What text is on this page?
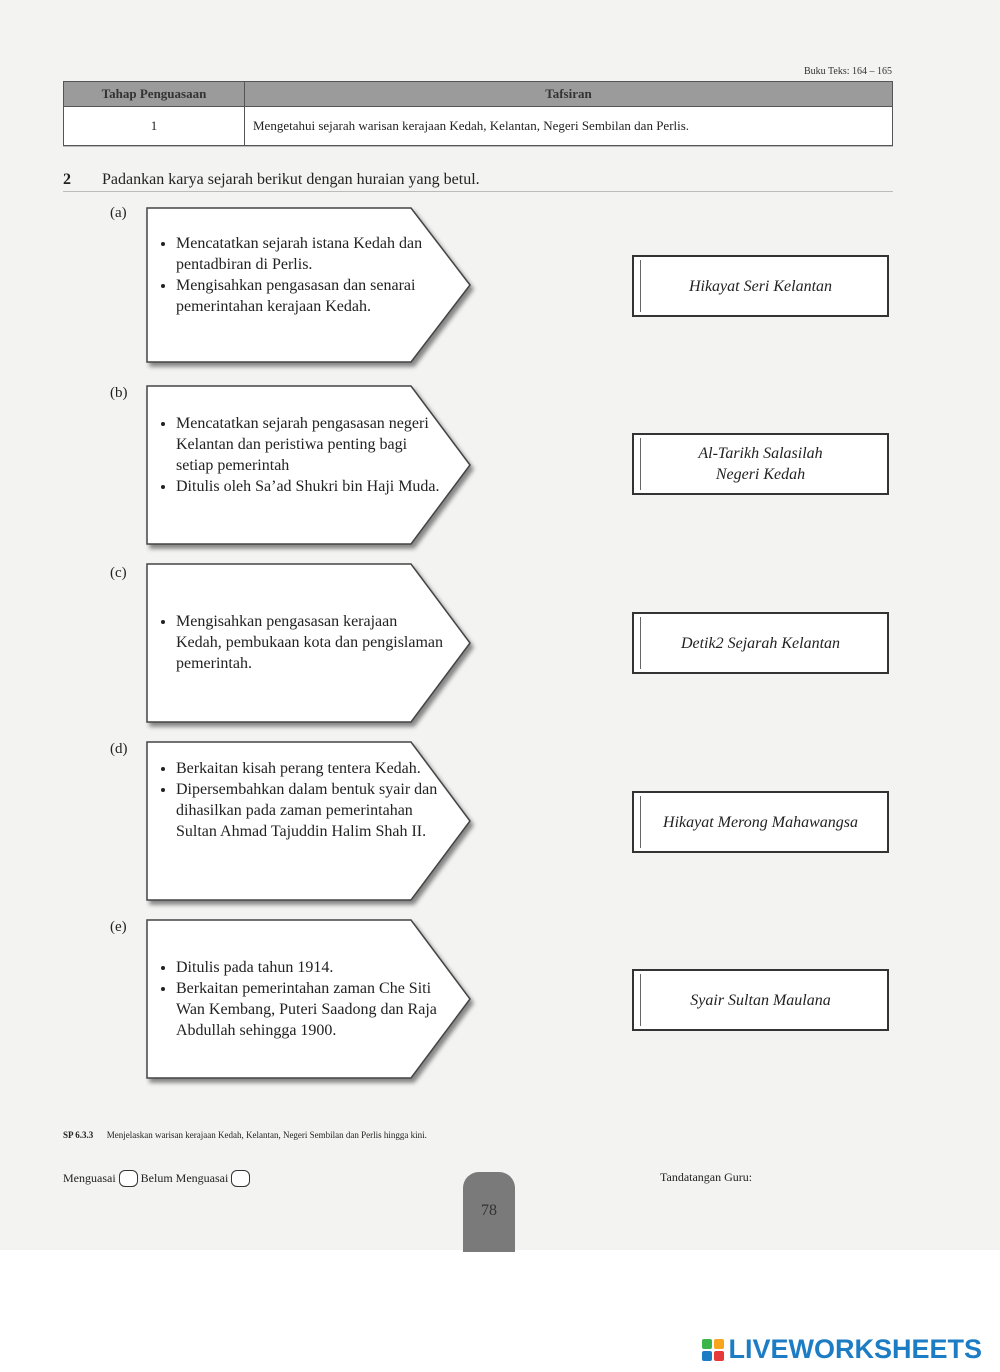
Buku Teks: 164 – 165
Tahap Penguasaan	Tafsiran
1	Mengetahui sejarah warisan kerajaan Kedah, Kelantan, Negeri Sembilan dan Perlis.
2 Padankan karya sejarah berikut dengan huraian yang betul.
(a)
• Mencatatkan sejarah istana Kedah dan pentadbiran di Perlis.
• Mengisahkan pengasasan dan senarai pemerintahan kerajaan Kedah.
(b)
• Mencatatkan sejarah pengasasan negeri Kelantan dan peristiwa penting bagi setiap pemerintah
• Ditulis oleh Sa’ad Shukri bin Haji Muda.
(c)
• Mengisahkan pengasasan kerajaan Kedah, pembukaan kota dan pengislaman pemerintah.
(d)
• Berkaitan kisah perang tentera Kedah.
• Dipersembahkan dalam bentuk syair dan dihasilkan pada zaman pemerintahan Sultan Ahmad Tajuddin Halim Shah II.
(e)
• Ditulis pada tahun 1914.
• Berkaitan pemerintahan zaman Che Siti Wan Kembang, Puteri Saadong dan Raja Abdullah sehingga 1900.
Hikayat Seri Kelantan
Al-Tarikh Salasilah
Negeri Kedah
Detik2 Sejarah Kelantan
Hikayat Merong Mahawangsa
Syair Sultan Maulana
SP 6.3.3 Menjelaskan warisan kerajaan Kedah, Kelantan, Negeri Sembilan dan Perlis hingga kini.
Menguasai Belum Menguasai	Tandatangan Guru:
78
LIVEWORKSHEETS
